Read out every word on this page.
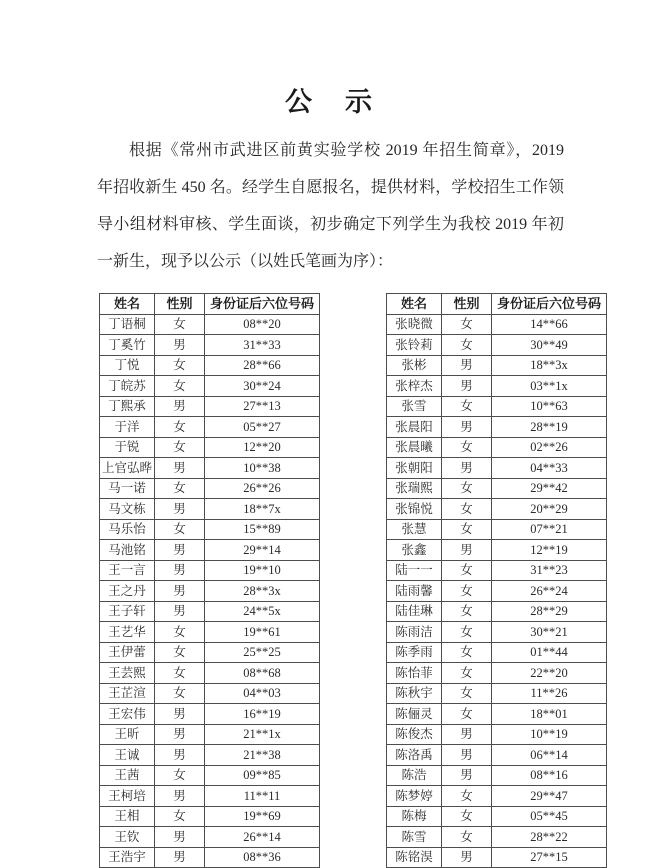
公　示
根据《常州市武进区前黄实验学校 2019 年招生简章》，2019 年招收新生 450 名。经学生自愿报名，提供材料，学校招生工作领导小组材料审核、学生面谈，初步确定下列学生为我校 2019 年初一新生，现予以公示（以姓氏笔画为序）：
姓名	性别	身份证后六位号码
丁语桐	女	08**20
丁奚竹	男	31**33
丁悦	女	28**66
丁皖苏	女	30**24
丁熙承	男	27**13
于洋	女	05**27
于锐	女	12**20
上官弘晔	男	10**38
马一诺	女	26**26
马文栋	男	18**7x
马乐怡	女	15**89
马池铭	男	29**14
王一言	男	19**10
王之丹	男	28**3x
王子轩	男	24**5x
王艺华	女	19**61
王伊蕾	女	25**25
王芸熙	女	08**68
王芷渲	女	04**03
王宏伟	男	16**19
王昕	男	21**1x
王诚	男	21**38
王茜	女	09**85
王柯培	男	11**11
王相	女	19**69
王钦	男	26**14
王浩宇	男	08**36
姓名	性别	身份证后六位号码
张晓微	女	14**66
张铃莉	女	30**49
张彬	男	18**3x
张梓杰	男	03**1x
张雪	女	10**63
张晨阳	男	28**19
张晨曦	女	02**26
张朝阳	男	04**33
张瑞熙	女	29**42
张锦悦	女	20**29
张慧	女	07**21
张鑫	男	12**19
陆一一	女	31**23
陆雨馨	女	26**24
陆佳琳	女	28**29
陈雨洁	女	30**21
陈季雨	女	01**44
陈怡菲	女	22**20
陈秋宇	女	11**26
陈俪灵	女	18**01
陈俊杰	男	10**19
陈洛禹	男	06**14
陈浩	男	08**16
陈梦婷	女	29**47
陈梅	女	05**45
陈雪	女	28**22
陈铭淏	男	27**15
